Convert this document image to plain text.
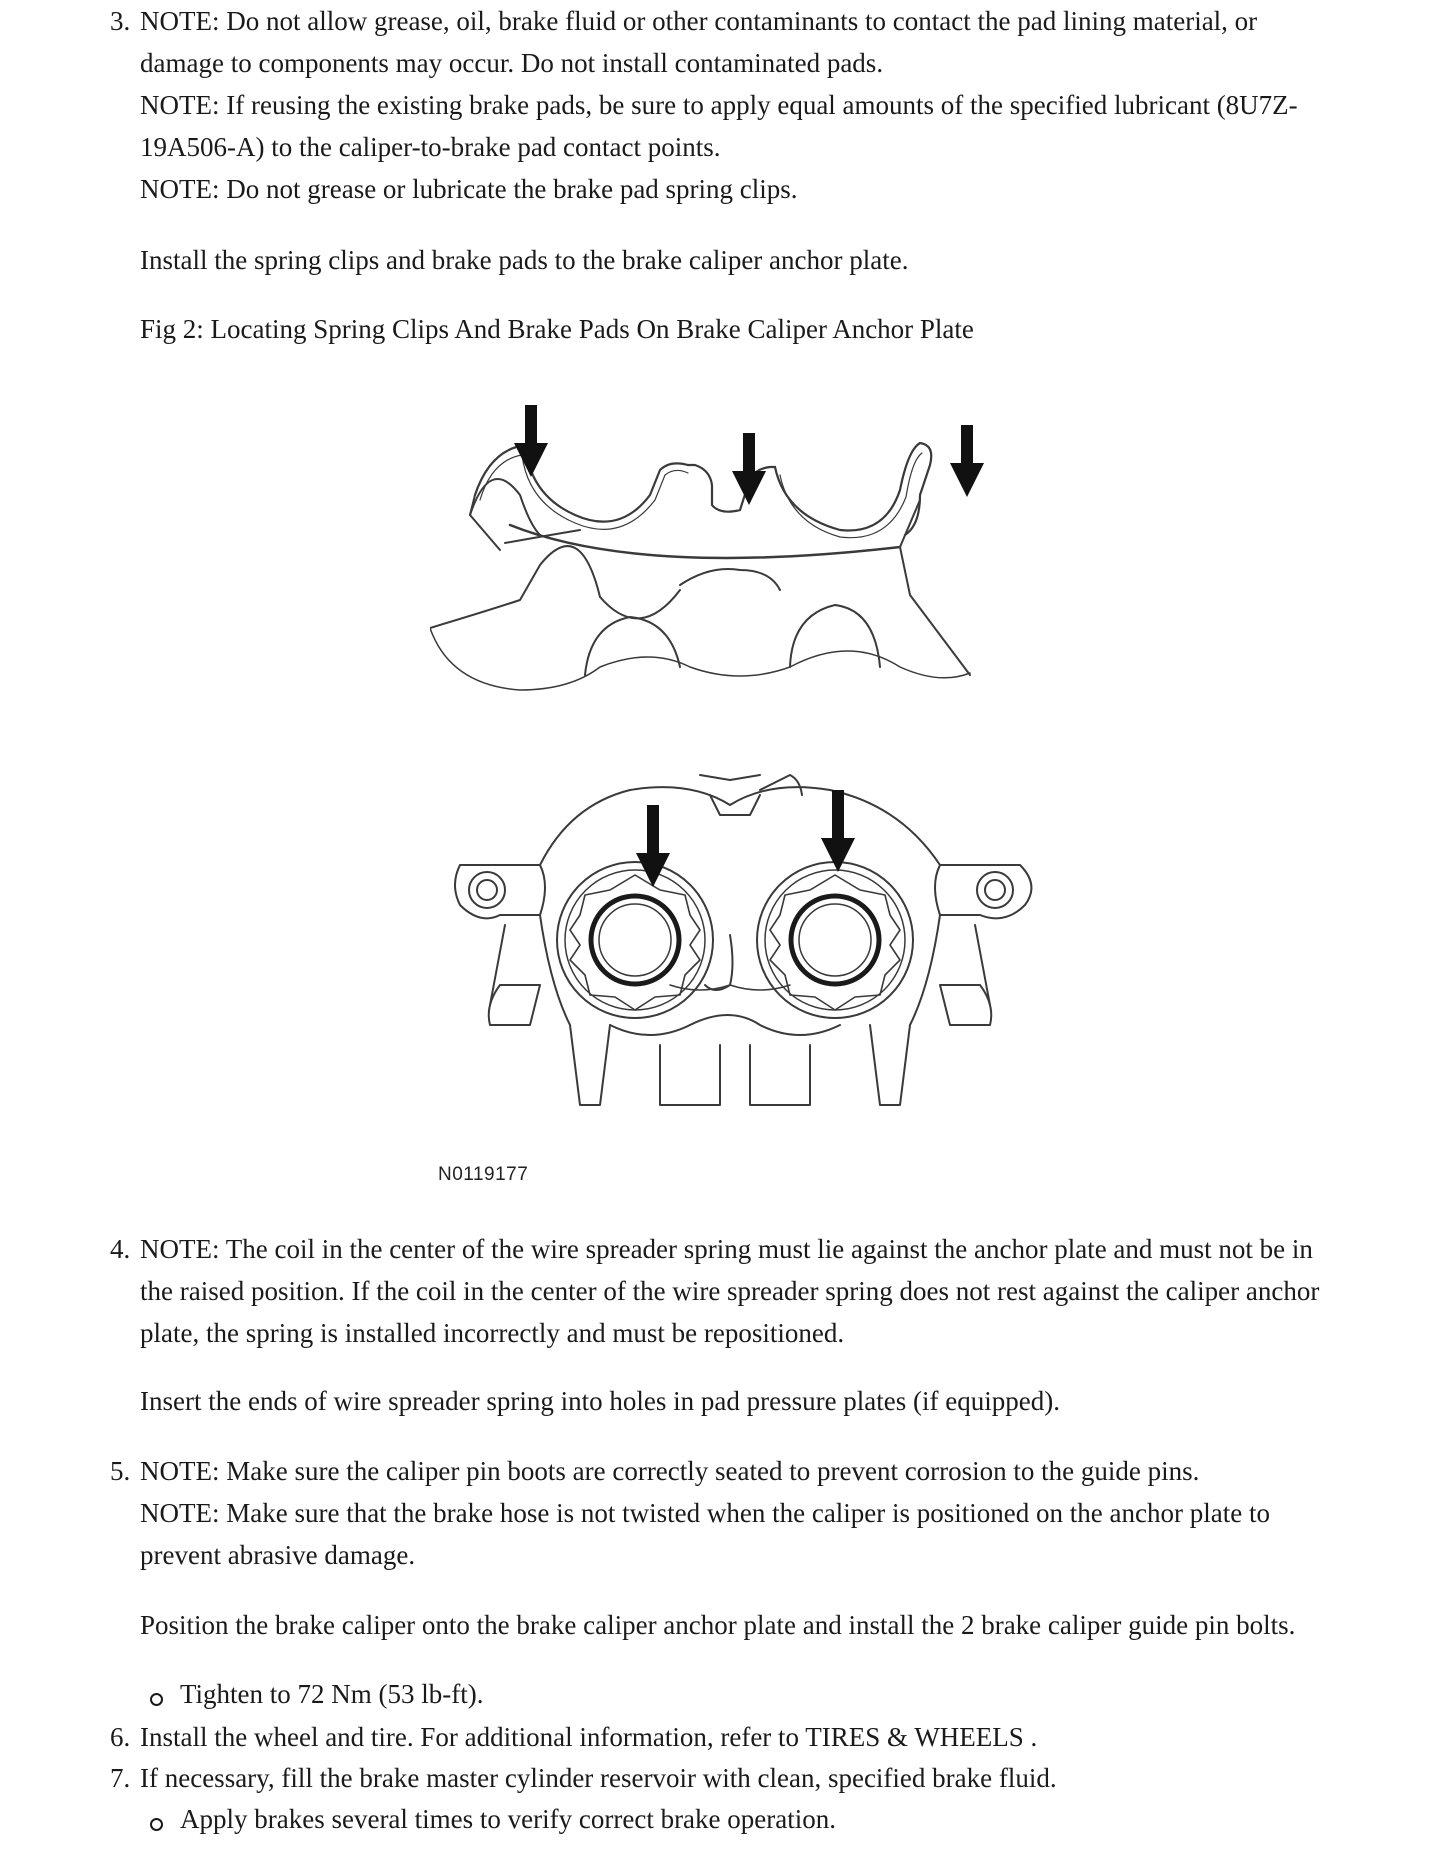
3. NOTE: Do not allow grease, oil, brake fluid or other contaminants to contact the pad lining material, or
damage to components may occur. Do not install contaminated pads.
NOTE: If reusing the existing brake pads, be sure to apply equal amounts of the specified lubricant (8U7Z-
19A506-A) to the caliper-to-brake pad contact points.
NOTE: Do not grease or lubricate the brake pad spring clips.
Install the spring clips and brake pads to the brake caliper anchor plate.
Fig 2: Locating Spring Clips And Brake Pads On Brake Caliper Anchor Plate
N0119177
4. NOTE: The coil in the center of the wire spreader spring must lie against the anchor plate and must not be in
the raised position. If the coil in the center of the wire spreader spring does not rest against the caliper anchor
plate, the spring is installed incorrectly and must be repositioned.
Insert the ends of wire spreader spring into holes in pad pressure plates (if equipped).
5. NOTE: Make sure the caliper pin boots are correctly seated to prevent corrosion to the guide pins.
NOTE: Make sure that the brake hose is not twisted when the caliper is positioned on the anchor plate to
prevent abrasive damage.
Position the brake caliper onto the brake caliper anchor plate and install the 2 brake caliper guide pin bolts.
Tighten to 72 Nm (53 lb-ft).
6. Install the wheel and tire. For additional information, refer to TIRES & WHEELS .
7. If necessary, fill the brake master cylinder reservoir with clean, specified brake fluid.
Apply brakes several times to verify correct brake operation.
